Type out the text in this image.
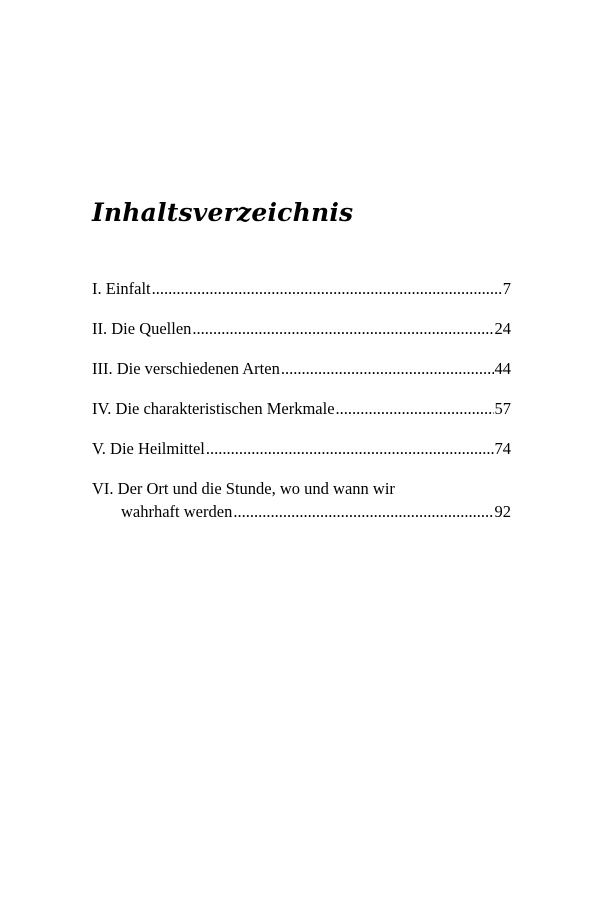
Inhaltsverzeichnis
I. Einfalt .....	7
II. Die Quellen .....	24
III. Die verschiedenen Arten .....	44
IV. Die charakteristischen Merkmale .....	57
V. Die Heilmittel .....	74
VI. Der Ort und die Stunde, wo und wann wir
wahrhaft werden .....	92
